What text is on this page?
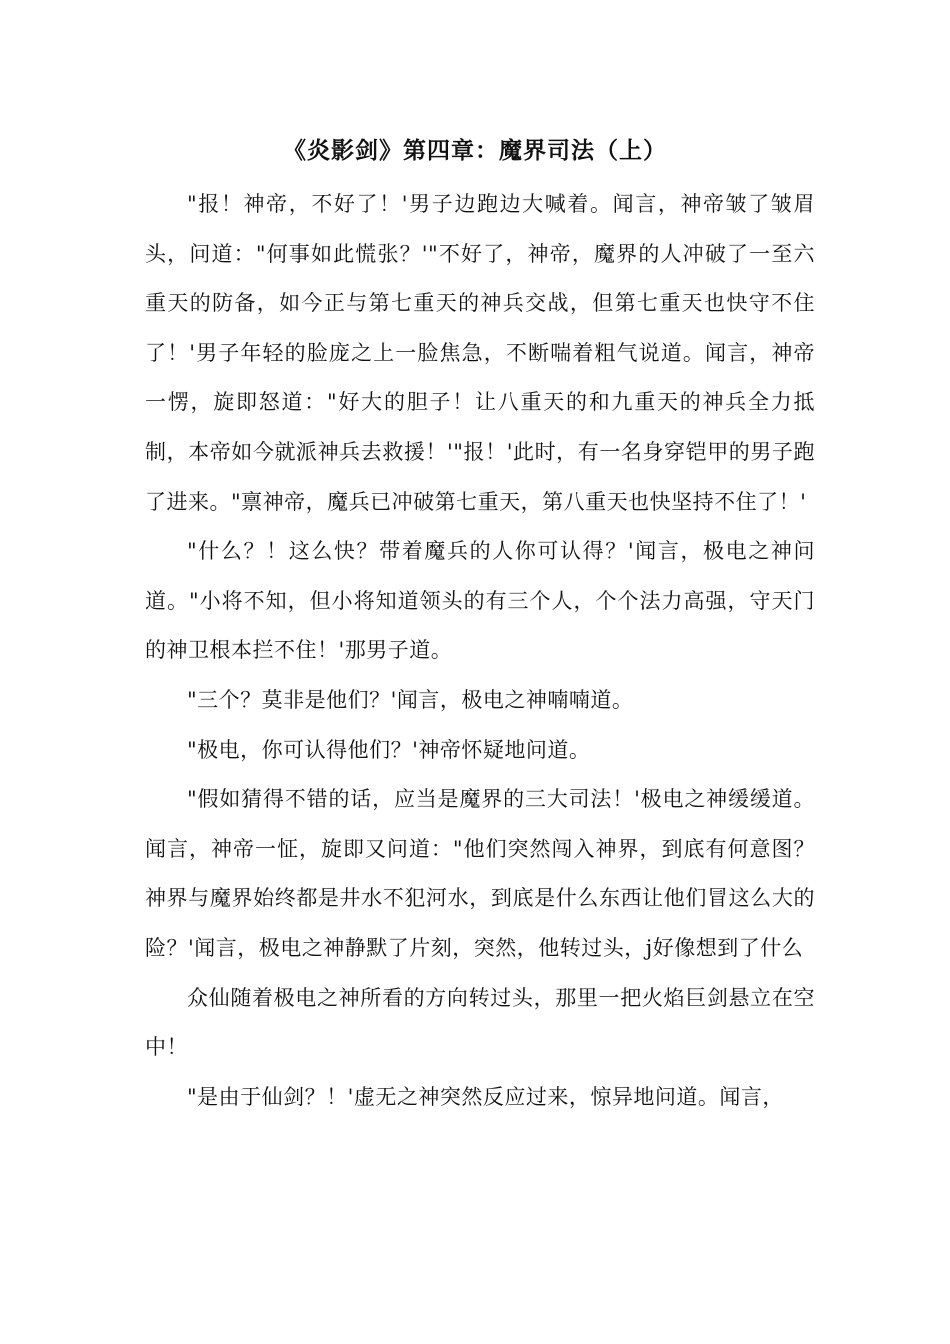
《炎影剑》第四章：魔界司法（上）

"报！神帝，不好了！'男子边跑边大喊着。闻言，神帝皱了皱眉头，问道："何事如此慌张？'"不好了，神帝，魔界的人冲破了一至六重天的防备，如今正与第七重天的神兵交战，但第七重天也快守不住了！'男子年轻的脸庞之上一脸焦急，不断喘着粗气说道。闻言，神帝一愣，旋即怒道："好大的胆子！让八重天的和九重天的神兵全力抵制，本帝如今就派神兵去救援！'"报！'此时，有一名身穿铠甲的男子跑了进来。"禀神帝，魔兵已冲破第七重天，第八重天也快坚持不住了！'

"什么？！这么快？带着魔兵的人你可认得？'闻言，极电之神问道。"小将不知，但小将知道领头的有三个人，个个法力高强，守天门的神卫根本拦不住！'那男子道。

"三个？莫非是他们？'闻言，极电之神喃喃道。

"极电，你可认得他们？'神帝怀疑地问道。

"假如猜得不错的话，应当是魔界的三大司法！'极电之神缓缓道。闻言，神帝一怔，旋即又问道："他们突然闯入神界，到底有何意图？神界与魔界始终都是井水不犯河水，到底是什么东西让他们冒这么大的险？'闻言，极电之神静默了片刻，突然，他转过头，j好像想到了什么

众仙随着极电之神所看的方向转过头，那里一把火焰巨剑悬立在空中！

"是由于仙剑？！'虚无之神突然反应过来，惊异地问道。闻言，
